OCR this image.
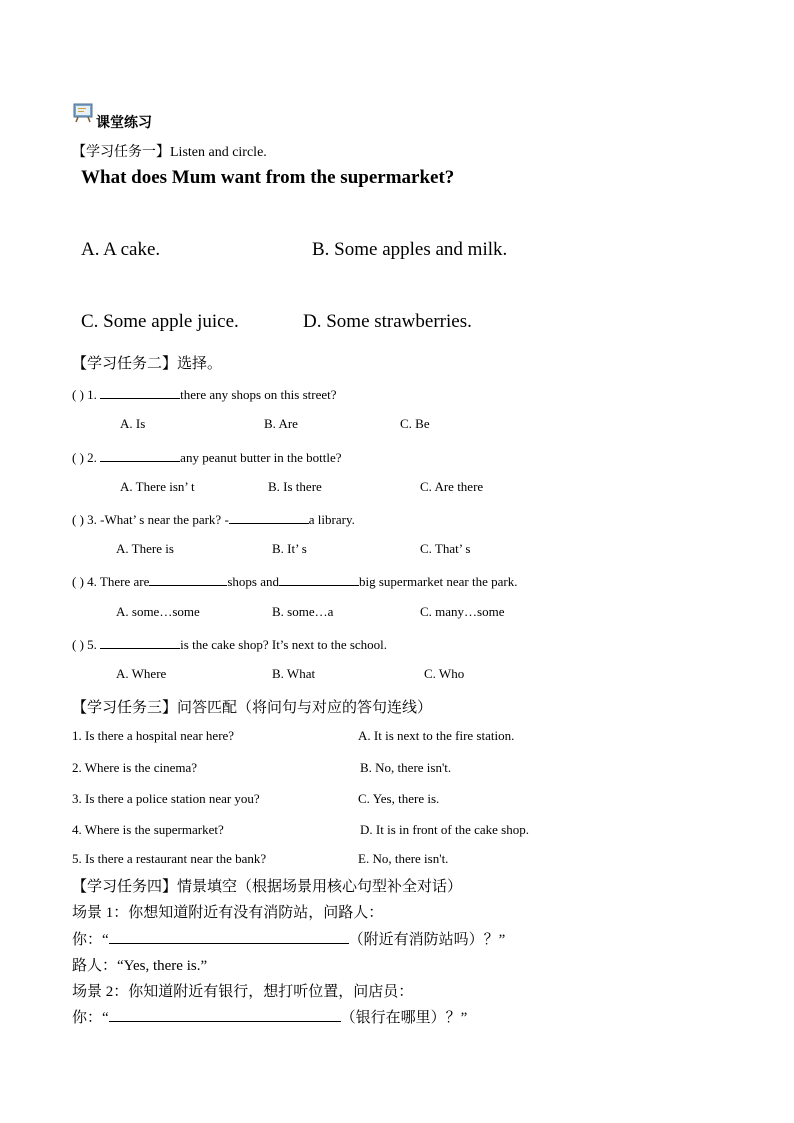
课堂练习
【学习任务一】Listen and circle.
What does Mum want from the supermarket?
A. A cake.	B. Some apples and milk.
C. Some apple juice.	D. Some strawberries.
【学习任务二】选择。
( ) 1.	there any shops on this street?
A. Is	B. Are	C. Be
( ) 2.	any peanut butter in the bottle?
A. There isn’ t	B. Is there	C. Are there
( ) 3. -What’ s near the park? -	a library.
A. There is	B. It’ s	C. That’ s
( ) 4. There are	shops and	big supermarket near the park.
A. some…some	B. some…a	C. many…some
( ) 5.	is the cake shop? It’s next to the school.
A. Where	B. What	C. Who
【学习任务三】问答匹配（将问句与对应的答句连线）
1. Is there a hospital near here?	A. It is next to the fire station.
2. Where is the cinema?	B. No, there isn't.
3. Is there a police station near you?	C. Yes, there is.
4. Where is the supermarket?	D. It is in front of the cake shop.
5. Is there a restaurant near the bank?	E. No, there isn't.
【学习任务四】情景填空（根据场景用核心句型补全对话）
场景 1：你想知道附近有没有消防站，问路人：
你：“	（附近有消防站吗）？”
路人：“Yes, there is.”
场景 2：你知道附近有银行，想打听位置，问店员：
你：“	（银行在哪里）？”
